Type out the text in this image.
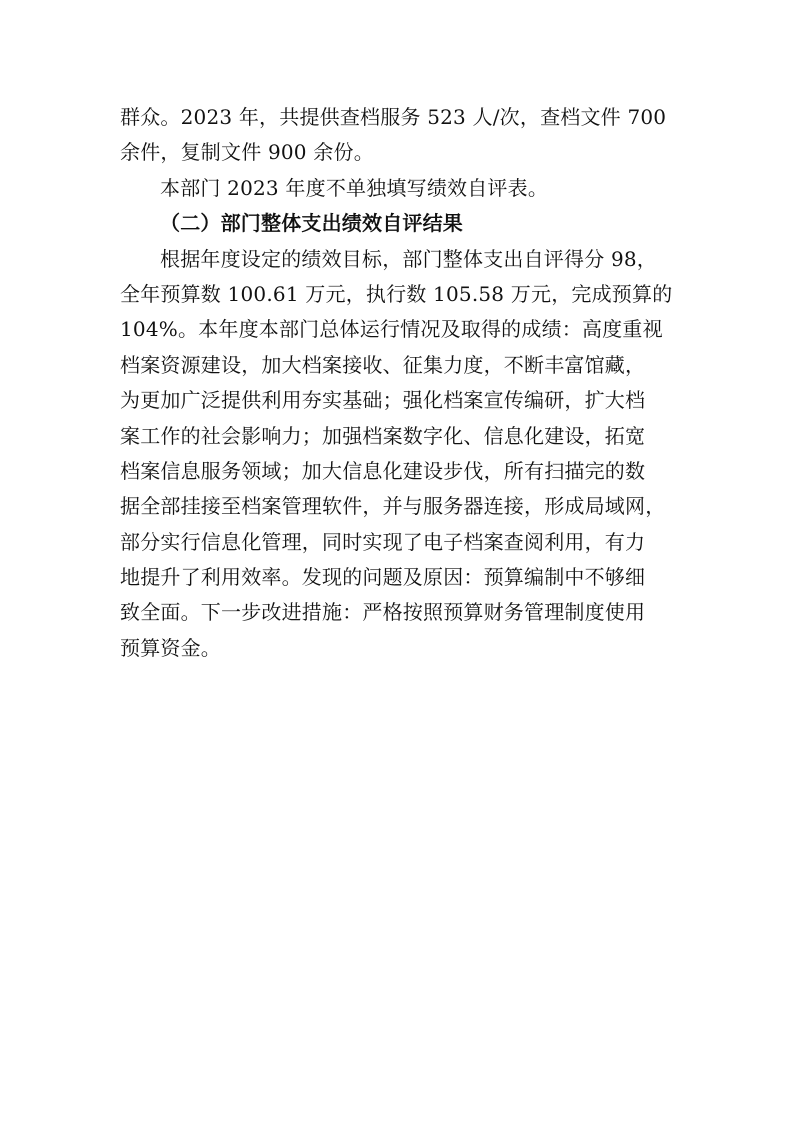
群众。2023 年，共提供查档服务 523 人/次，查档文件 700
余件，复制文件 900 余份。
本部门 2023 年度不单独填写绩效自评表。
（二）部门整体支出绩效自评结果
根据年度设定的绩效目标，部门整体支出自评得分 98，
全年预算数 100.61 万元，执行数 105.58 万元，完成预算的
104%。本年度本部门总体运行情况及取得的成绩：高度重视
档案资源建设，加大档案接收、征集力度，不断丰富馆藏，
为更加广泛提供利用夯实基础；强化档案宣传编研，扩大档
案工作的社会影响力；加强档案数字化、信息化建设，拓宽
档案信息服务领域；加大信息化建设步伐，所有扫描完的数
据全部挂接至档案管理软件，并与服务器连接，形成局域网，
部分实行信息化管理，同时实现了电子档案查阅利用，有力
地提升了利用效率。发现的问题及原因：预算编制中不够细
致全面。下一步改进措施：严格按照预算财务管理制度使用
预算资金。
